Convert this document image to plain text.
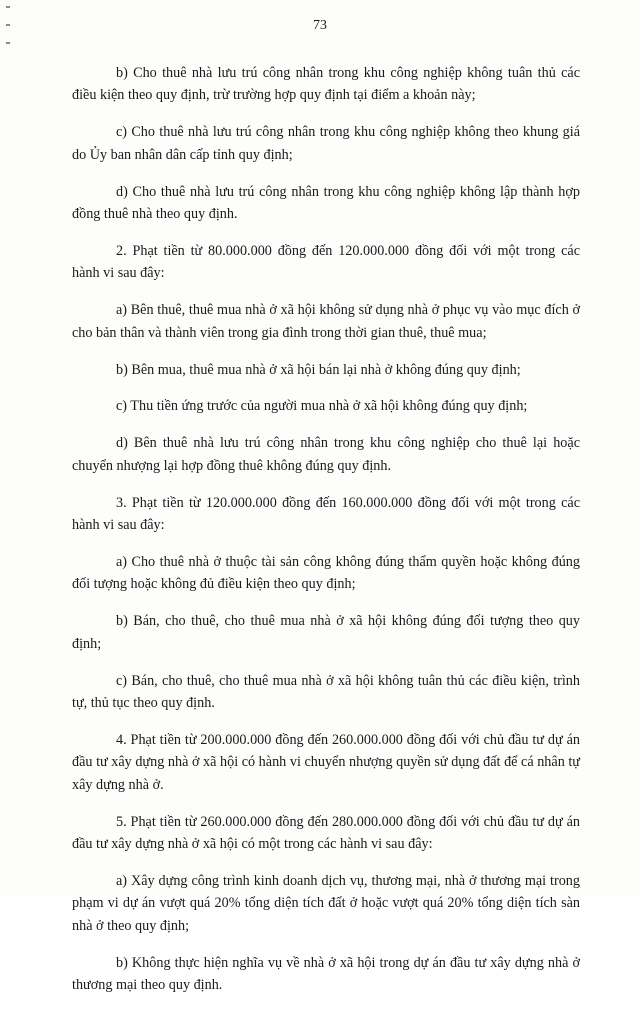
73

b) Cho thuê nhà lưu trú công nhân trong khu công nghiệp không tuân thủ các điều kiện theo quy định, trừ trường hợp quy định tại điểm a khoản này;

c) Cho thuê nhà lưu trú công nhân trong khu công nghiệp không theo khung giá do Ủy ban nhân dân cấp tỉnh quy định;

d) Cho thuê nhà lưu trú công nhân trong khu công nghiệp không lập thành hợp đồng thuê nhà theo quy định.

2. Phạt tiền từ 80.000.000 đồng đến 120.000.000 đồng đối với một trong các hành vi sau đây:

a) Bên thuê, thuê mua nhà ở xã hội không sử dụng nhà ở phục vụ vào mục đích ở cho bản thân và thành viên trong gia đình trong thời gian thuê, thuê mua;

b) Bên mua, thuê mua nhà ở xã hội bán lại nhà ở không đúng quy định;

c) Thu tiền ứng trước của người mua nhà ở xã hội không đúng quy định;

d) Bên thuê nhà lưu trú công nhân trong khu công nghiệp cho thuê lại hoặc chuyển nhượng lại hợp đồng thuê không đúng quy định.

3. Phạt tiền từ 120.000.000 đồng đến 160.000.000 đồng đối với một trong các hành vi sau đây:

a) Cho thuê nhà ở thuộc tài sản công không đúng thẩm quyền hoặc không đúng đối tượng hoặc không đủ điều kiện theo quy định;

b) Bán, cho thuê, cho thuê mua nhà ở xã hội không đúng đối tượng theo quy định;

c) Bán, cho thuê, cho thuê mua nhà ở xã hội không tuân thủ các điều kiện, trình tự, thủ tục theo quy định.

4. Phạt tiền từ 200.000.000 đồng đến 260.000.000 đồng đối với chủ đầu tư dự án đầu tư xây dựng nhà ở xã hội có hành vi chuyển nhượng quyền sử dụng đất để cá nhân tự xây dựng nhà ở.

5. Phạt tiền từ 260.000.000 đồng đến 280.000.000 đồng đối với chủ đầu tư dự án đầu tư xây dựng nhà ở xã hội có một trong các hành vi sau đây:

a) Xây dựng công trình kinh doanh dịch vụ, thương mại, nhà ở thương mại trong phạm vi dự án vượt quá 20% tổng diện tích đất ở hoặc vượt quá 20% tổng diện tích sàn nhà ở theo quy định;

b) Không thực hiện nghĩa vụ về nhà ở xã hội trong dự án đầu tư xây dựng nhà ở thương mại theo quy định.
